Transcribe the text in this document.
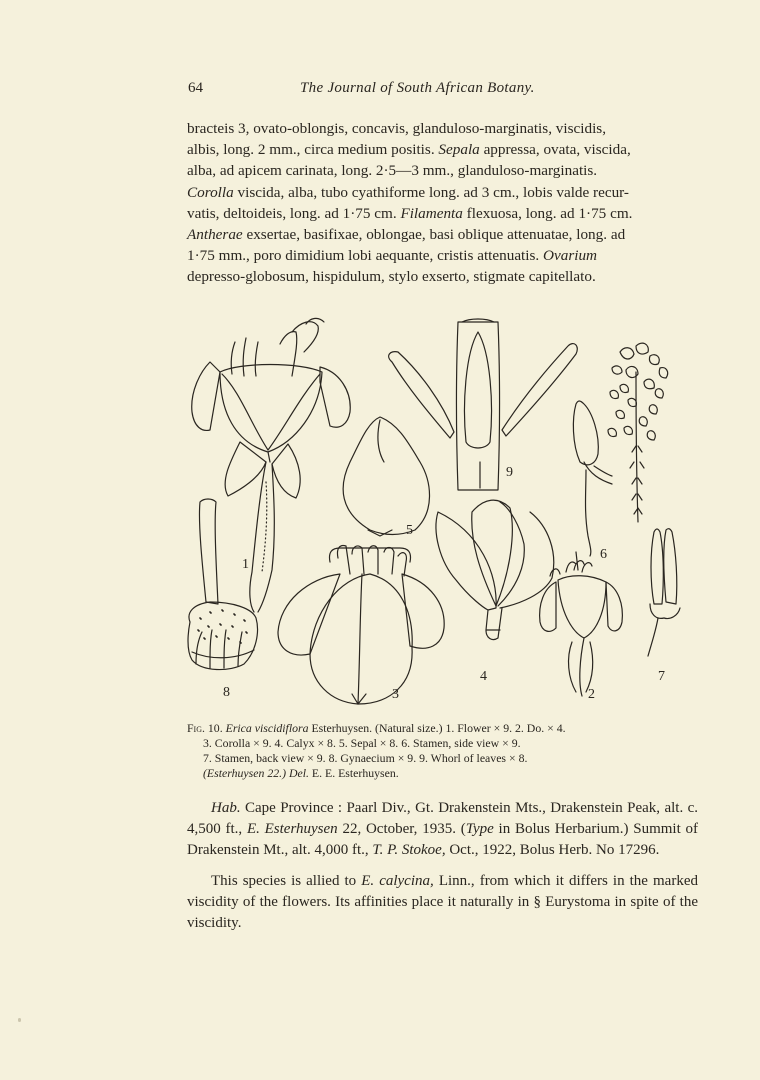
64	The Journal of South African Botany.

bracteis 3, ovato-oblongis, concavis, glanduloso-marginatis, viscidis,

albis, long. 2 mm., circa medium positis. Sepala appressa, ovata, viscida,

alba, ad apicem carinata, long. 2·5—3 mm., glanduloso-marginatis.

Corolla viscida, alba, tubo cyathiforme long. ad 3 cm., lobis valde recur-

vatis, deltoideis, long. ad 1·75 cm. Filamenta flexuosa, long. ad 1·75 cm.

Antherae exsertae, basifixae, oblongae, basi oblique attenuatae, long. ad

1·75 mm., poro dimidium lobi aequante, cristis attenuatis. Ovarium

depresso-globosum, hispidulum, stylo exserto, stigmate capitellato.

1
8
5
3
9
4
6
2
7
Fig. 10. Erica viscidiflora Esterhuysen. (Natural size.) 1. Flower × 9. 2. Do. × 4.
3. Corolla × 9. 4. Calyx × 8. 5. Sepal × 8. 6. Stamen, side view × 9.
7. Stamen, back view × 9. 8. Gynaecium × 9. 9. Whorl of leaves × 8.
(Esterhuysen 22.) Del. E. E. Esterhuysen.

Hab. Cape Province : Paarl Div., Gt. Drakenstein Mts., Drakenstein Peak, alt. c. 4,500 ft., E. Esterhuysen 22, October, 1935. (Type in Bolus Herbarium.) Summit of Drakenstein Mt., alt. 4,000 ft., T. P. Stokoe, Oct., 1922, Bolus Herb. No 17296.

This species is allied to E. calycina, Linn., from which it differs in the marked viscidity of the flowers. Its affinities place it naturally in § Eurystoma in spite of the viscidity.
